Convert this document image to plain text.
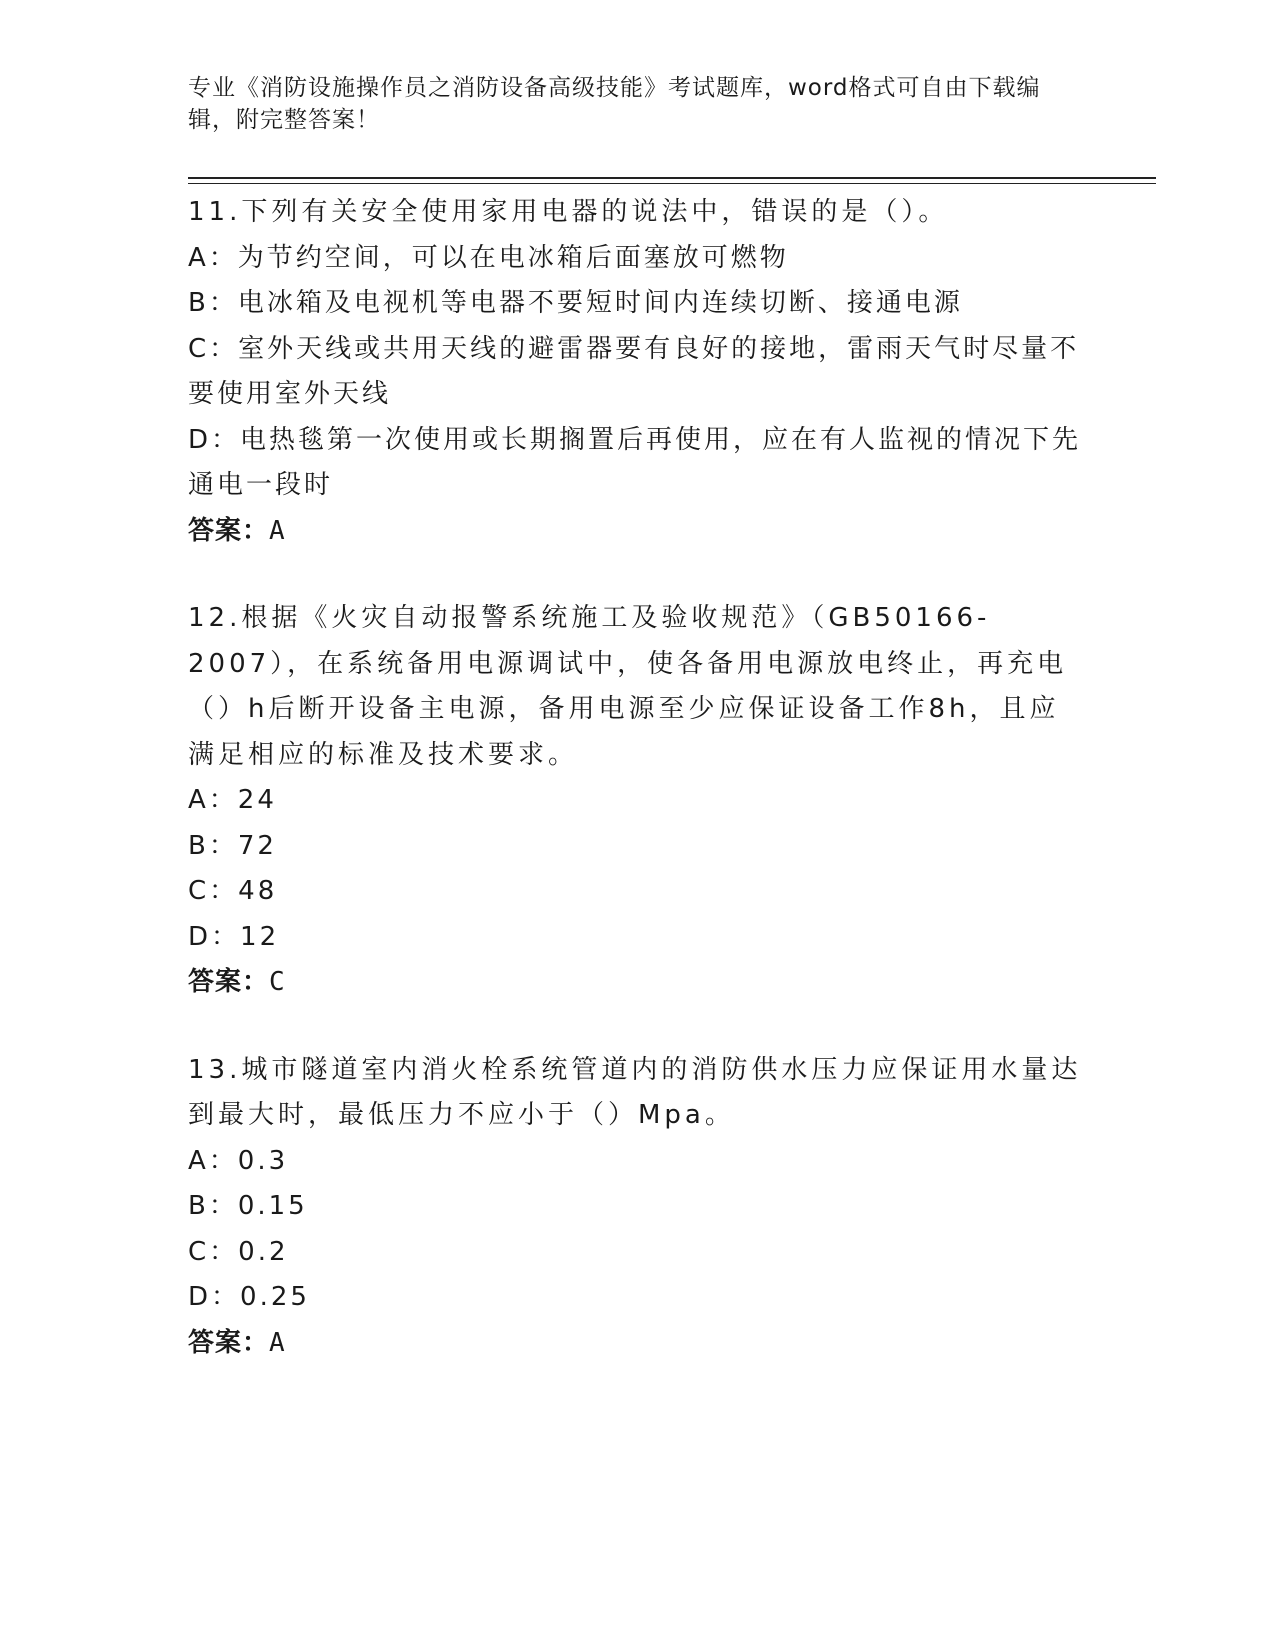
专业《消防设施操作员之消防设备高级技能》考试题库，word格式可自由下载编辑，附完整答案！
11.下列有关安全使用家用电器的说法中，错误的是（）。
A：为节约空间，可以在电冰箱后面塞放可燃物
B：电冰箱及电视机等电器不要短时间内连续切断、接通电源
C：室外天线或共用天线的避雷器要有良好的接地，雷雨天气时尽量不要使用室外天线
D：电热毯第一次使用或长期搁置后再使用，应在有人监视的情况下先通电一段时
答案：A
12.根据《火灾自动报警系统施工及验收规范》（GB50166-2007），在系统备用电源调试中，使各备用电源放电终止，再充电（）h后断开设备主电源，备用电源至少应保证设备工作8h，且应满足相应的标准及技术要求。
A：24
B：72
C：48
D：12
答案：C
13.城市隧道室内消火栓系统管道内的消防供水压力应保证用水量达到最大时，最低压力不应小于（）Mpa。
A：0.3
B：0.15
C：0.2
D：0.25
答案：A
